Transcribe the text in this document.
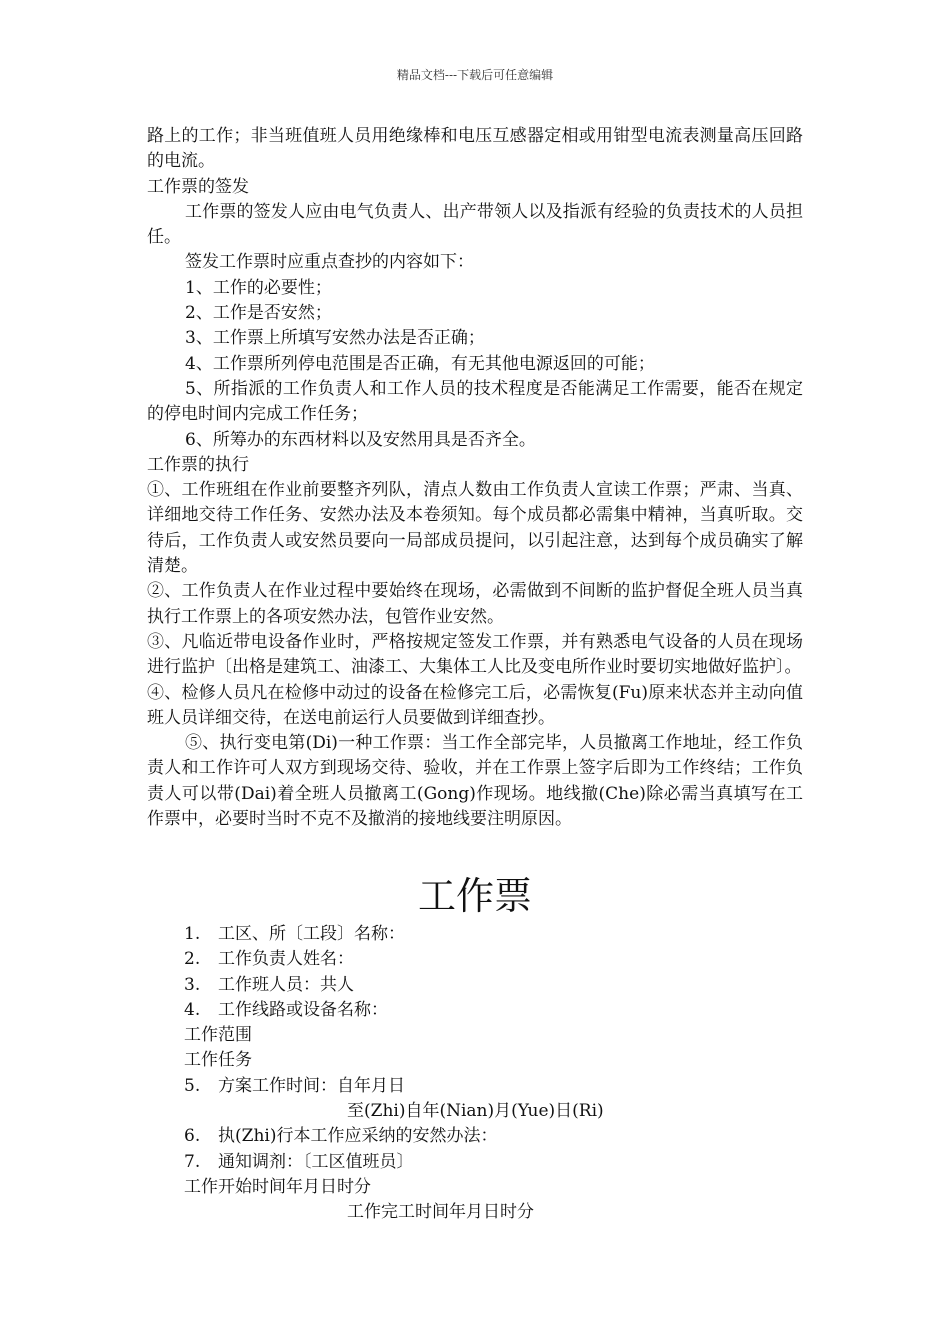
精品文档---下载后可任意编辑

路上的工作；非当班值班人员用绝缘棒和电压互感器定相或用钳型电流表测量高压回路的电流。

工作票的签发

工作票的签发人应由电气负责人、出产带领人以及指派有经验的负责技术的人员担任。

签发工作票时应重点查抄的内容如下：

1、工作的必要性；

2、工作是否安然；

3、工作票上所填写安然办法是否正确；

4、工作票所列停电范围是否正确，有无其他电源返回的可能；

5、所指派的工作负责人和工作人员的技术程度是否能满足工作需要，能否在规定的停电时间内完成工作任务；

6、所筹办的东西材料以及安然用具是否齐全。

工作票的执行

①、工作班组在作业前要整齐列队，清点人数由工作负责人宣读工作票；严肃、当真、详细地交待工作任务、安然办法及本卷须知。每个成员都必需集中精神，当真听取。交待后，工作负责人或安然员要向一局部成员提问，以引起注意，达到每个成员确实了解清楚。

②、工作负责人在作业过程中要始终在现场，必需做到不间断的监护督促全班人员当真执行工作票上的各项安然办法，包管作业安然。

③、凡临近带电设备作业时，严格按规定签发工作票，并有熟悉电气设备的人员在现场进行监护〔出格是建筑工、油漆工、大集体工人比及变电所作业时要切实地做好监护〕。

④、检修人员凡在检修中动过的设备在检修完工后，必需恢复(Fu)原来状态并主动向值班人员详细交待，在送电前运行人员要做到详细查抄。

⑤、执行变电第(Di)一种工作票：当工作全部完毕，人员撤离工作地址，经工作负责人和工作许可人双方到现场交待、验收，并在工作票上签字后即为工作终结；工作负责人可以带(Dai)着全班人员撤离工(Gong)作现场。地线撤(Che)除必需当真填写在工作票中，必要时当时不克不及撤消的接地线要注明原因。

工作票

1. 工区、所〔工段〕名称：

2. 工作负责人姓名：

3. 工作班人员：共人

4. 工作线路或设备名称：

工作范围

工作任务

5. 方案工作时间：自年月日

至(Zhi)自年(Nian)月(Yue)日(Ri)

6. 执(Zhi)行本工作应采纳的安然办法：

7. 通知调剂：〔工区值班员〕

工作开始时间年月日时分

工作完工时间年月日时分
